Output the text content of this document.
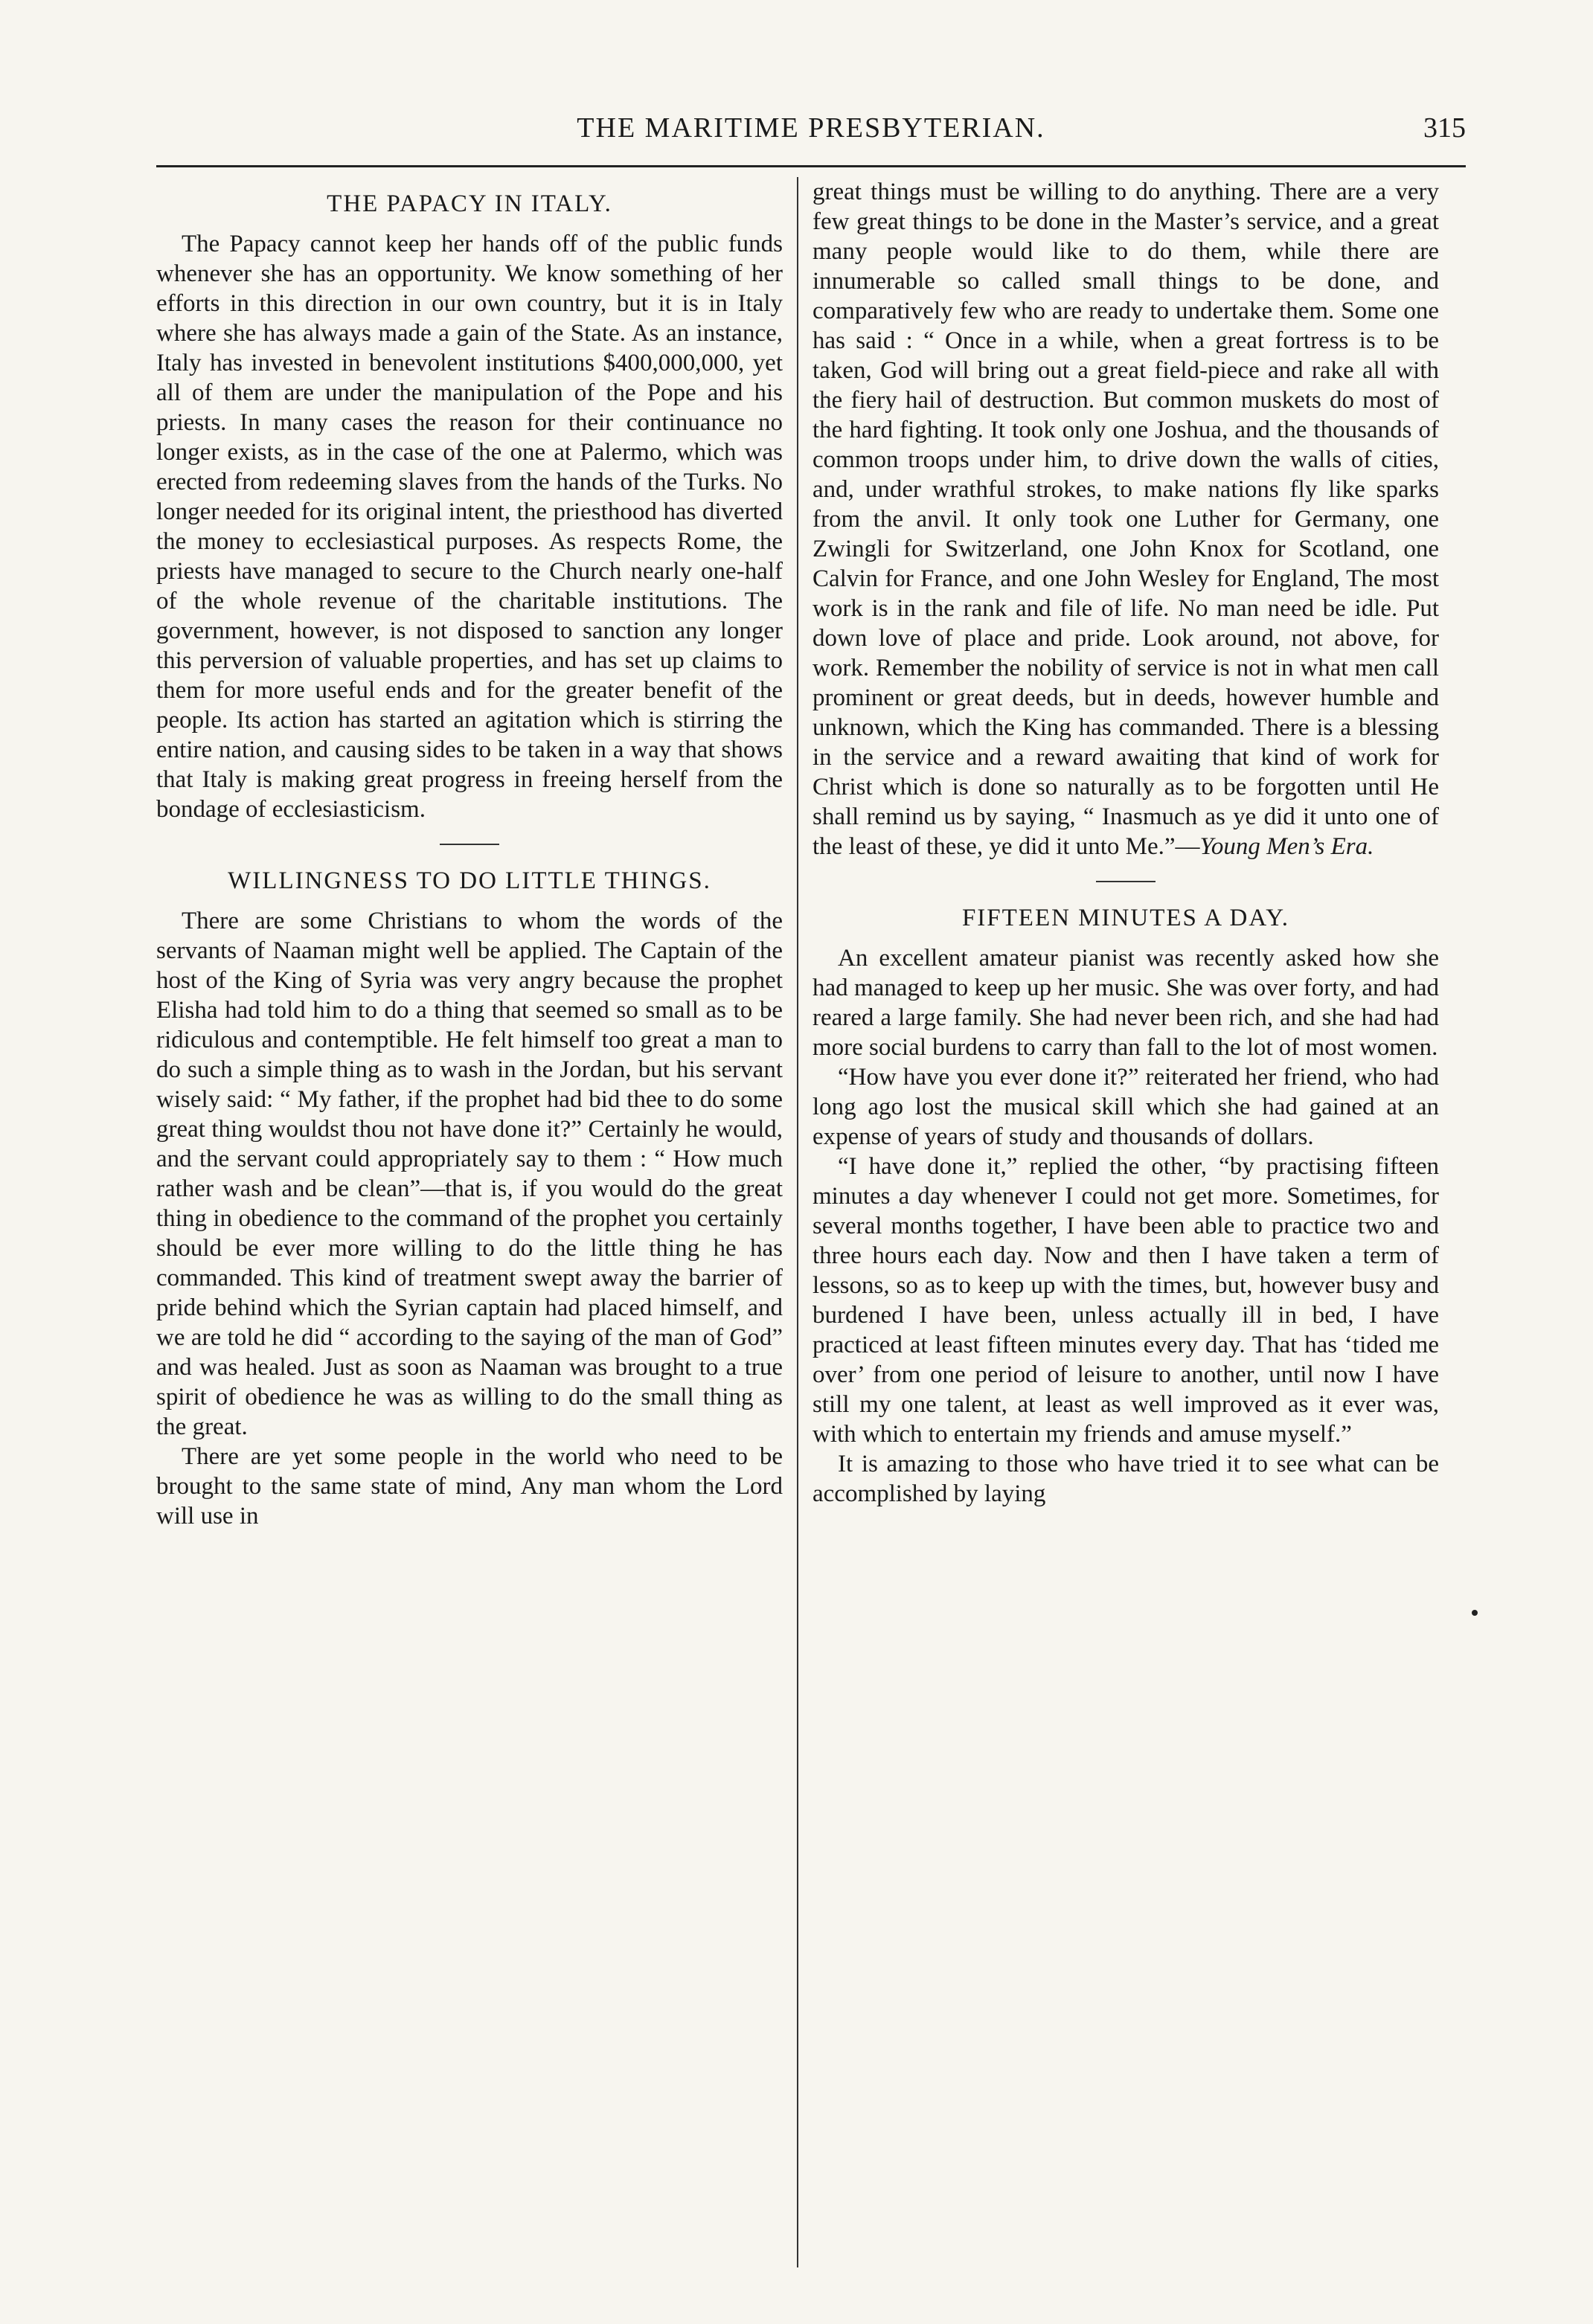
THE MARITIME PRESBYTERIAN.	315
THE PAPACY IN ITALY.

The Papacy cannot keep her hands off of the public funds whenever she has an opportunity. We know something of her efforts in this direction in our own country, but it is in Italy where she has always made a gain of the State. As an instance, Italy has invested in benevolent institutions $400,000,000, yet all of them are under the manipulation of the Pope and his priests. In many cases the reason for their continuance no longer exists, as in the case of the one at Palermo, which was erected from redeeming slaves from the hands of the Turks. No longer needed for its original intent, the priesthood has diverted the money to ecclesiastical purposes. As respects Rome, the priests have managed to secure to the Church nearly one-half of the whole revenue of the charitable institutions. The government, however, is not disposed to sanction any longer this perversion of valuable properties, and has set up claims to them for more useful ends and for the greater benefit of the people. Its action has started an agitation which is stirring the entire nation, and causing sides to be taken in a way that shows that Italy is making great progress in freeing herself from the bondage of ecclesiasticism.

WILLINGNESS TO DO LITTLE THINGS.

There are some Christians to whom the words of the servants of Naaman might well be applied. The Captain of the host of the King of Syria was very angry because the prophet Elisha had told him to do a thing that seemed so small as to be ridiculous and contemptible. He felt himself too great a man to do such a simple thing as to wash in the Jordan, but his servant wisely said: “ My father, if the prophet had bid thee to do some great thing wouldst thou not have done it?” Certainly he would, and the servant could appropriately say to them : “ How much rather wash and be clean”—that is, if you would do the great thing in obedience to the command of the prophet you certainly should be ever more willing to do the little thing he has commanded. This kind of treatment swept away the barrier of pride behind which the Syrian captain had placed himself, and we are told he did “ according to the saying of the man of God” and was healed. Just as soon as Naaman was brought to a true spirit of obedience he was as willing to do the small thing as the great.

There are yet some people in the world who need to be brought to the same state of mind, Any man whom the Lord will use in

great things must be willing to do anything. There are a very few great things to be done in the Master’s service, and a great many people would like to do them, while there are innumerable so called small things to be done, and comparatively few who are ready to undertake them. Some one has said : “ Once in a while, when a great fortress is to be taken, God will bring out a great field-piece and rake all with the fiery hail of destruction. But common muskets do most of the hard fighting. It took only one Joshua, and the thousands of common troops under him, to drive down the walls of cities, and, under wrathful strokes, to make nations fly like sparks from the anvil. It only took one Luther for Germany, one Zwingli for Switzerland, one John Knox for Scotland, one Calvin for France, and one John Wesley for England, The most work is in the rank and file of life. No man need be idle. Put down love of place and pride. Look around, not above, for work. Remember the nobility of service is not in what men call prominent or great deeds, but in deeds, however humble and unknown, which the King has commanded. There is a blessing in the service and a reward awaiting that kind of work for Christ which is done so naturally as to be forgotten until He shall remind us by saying, “ Inasmuch as ye did it unto one of the least of these, ye did it unto Me.”—Young Men’s Era.

FIFTEEN MINUTES A DAY.

An excellent amateur pianist was recently asked how she had managed to keep up her music. She was over forty, and had reared a large family. She had never been rich, and she had had more social burdens to carry than fall to the lot of most women.

“How have you ever done it?” reiterated her friend, who had long ago lost the musical skill which she had gained at an expense of years of study and thousands of dollars.

“I have done it,” replied the other, “by practising fifteen minutes a day whenever I could not get more. Sometimes, for several months together, I have been able to practice two and three hours each day. Now and then I have taken a term of lessons, so as to keep up with the times, but, however busy and burdened I have been, unless actually ill in bed, I have practiced at least fifteen minutes every day. That has ‘tided me over’ from one period of leisure to another, until now I have still my one talent, at least as well improved as it ever was, with which to entertain my friends and amuse myself.”

It is amazing to those who have tried it to see what can be accomplished by laying
